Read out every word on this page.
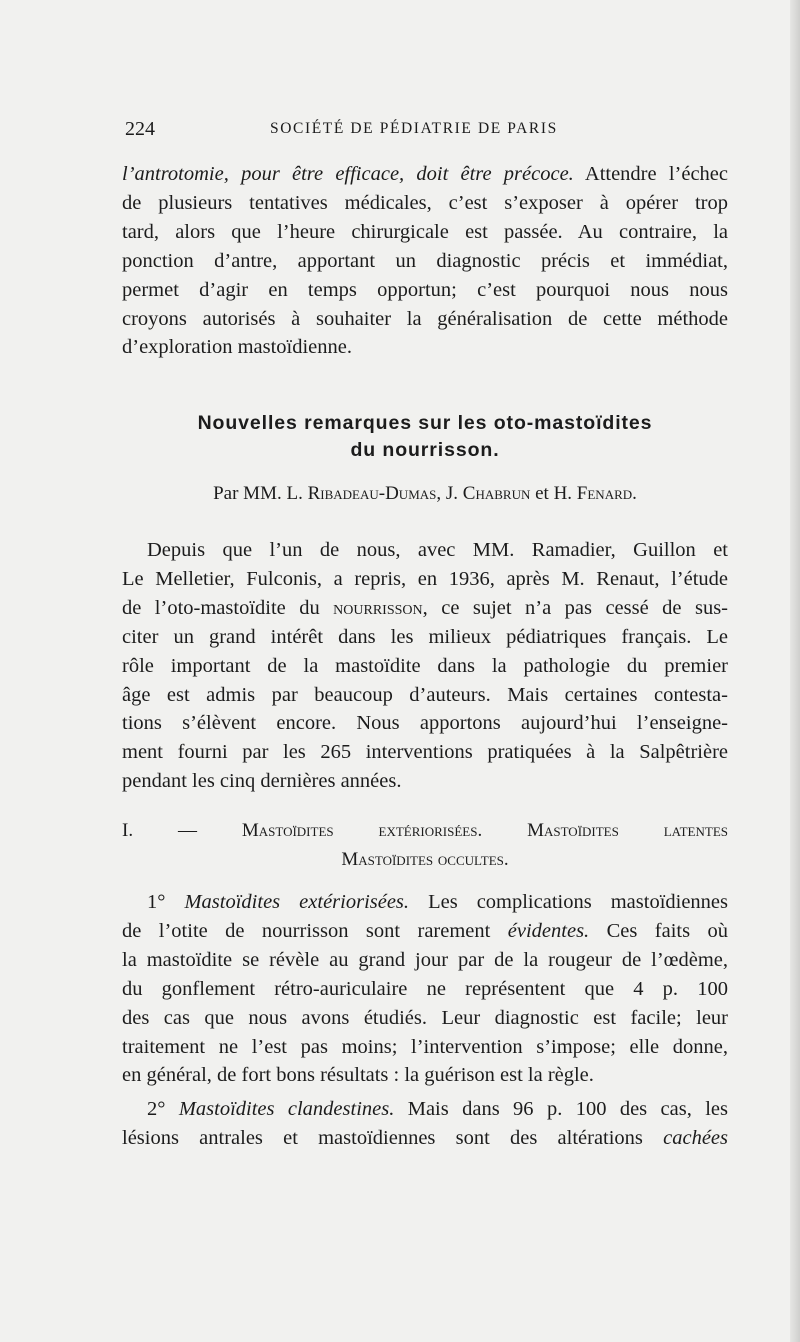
224	SOCIÉTÉ DE PÉDIATRIE DE PARIS
l’antrotomie, pour être efficace, doit être précoce. Attendre l’échec
de plusieurs tentatives médicales, c’est s’exposer à opérer trop
tard, alors que l’heure chirurgicale est passée. Au contraire, la
ponction d’antre, apportant un diagnostic précis et immédiat,
permet d’agir en temps opportun; c’est pourquoi nous nous
croyons autorisés à souhaiter la généralisation de cette méthode
d’exploration mastoïdienne.
Nouvelles remarques sur les oto-mastoïdites
du nourrisson.
Par MM. L. Ribadeau-Dumas, J. Chabrun et H. Fenard.
Depuis que l’un de nous, avec MM. Ramadier, Guillon et
Le Melletier, Fulconis, a repris, en 1936, après M. Renaut, l’étude
de l’oto-mastoïdite du nourrisson, ce sujet n’a pas cessé de sus-
citer un grand intérêt dans les milieux pédiatriques français. Le
rôle important de la mastoïdite dans la pathologie du premier
âge est admis par beaucoup d’auteurs. Mais certaines contesta-
tions s’élèvent encore. Nous apportons aujourd’hui l’enseigne-
ment fourni par les 265 interventions pratiquées à la Salpêtrière
pendant les cinq dernières années.
I. — Mastoïdites extériorisées. Mastoïdites latentes
Mastoïdites occultes.
1° Mastoïdites extériorisées. Les complications mastoïdiennes
de l’otite de nourrisson sont rarement évidentes. Ces faits où
la mastoïdite se révèle au grand jour par de la rougeur de l’œdème,
du gonflement rétro-auriculaire ne représentent que 4 p. 100
des cas que nous avons étudiés. Leur diagnostic est facile; leur
traitement ne l’est pas moins; l’intervention s’impose; elle donne,
en général, de fort bons résultats : la guérison est la règle.
2° Mastoïdites clandestines. Mais dans 96 p. 100 des cas, les
lésions antrales et mastoïdiennes sont des altérations cachées
